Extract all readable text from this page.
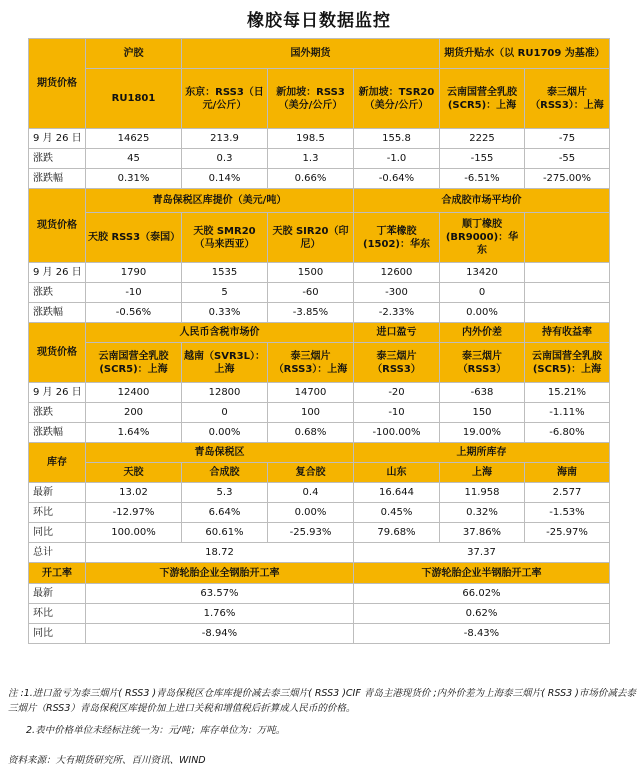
橡胶每日数据监控
期货价格	沪胶	国外期货			期货升贴水（以 RU1709 为基准）	
	RU1801	东京：RSS3（日元/公斤）	新加坡：RSS3（美分/公斤）	新加坡：TSR20（美分/公斤）	云南国营全乳胶(SCR5)：上海	泰三烟片（RSS3）：上海
9 月 26 日	14625	213.9	198.5	155.8	2225	-75
涨跌	45	0.3	1.3	-1.0	-155	-55
涨跌幅	0.31%	0.14%	0.66%	-0.64%	-6.51%	-275.00%
现货价格	青岛保税区库提价（美元/吨）			合成胶市场平均价		
	天胶 RSS3（泰国）	天胶 SMR20（马来西亚）	天胶 SIR20（印尼）	丁苯橡胶(1502)：华东	顺丁橡胶(BR9000)：华东	
9 月 26 日	1790	1535	1500	12600	13420	
涨跌	-10	5	-60	-300	0	
涨跌幅	-0.56%	0.33%	-3.85%	-2.33%	0.00%	
现货价格	人民币含税市场价			进口盈亏	内外价差	持有收益率
	云南国营全乳胶(SCR5)：上海	越南（SVR3L）：上海	泰三烟片（RSS3）：上海	泰三烟片（RSS3）	泰三烟片（RSS3）	云南国营全乳胶(SCR5)：上海
9 月 26 日	12400	12800	14700	-20	-638	15.21%
涨跌	200	0	100	-10	150	-1.11%
涨跌幅	1.64%	0.00%	0.68%	-100.00%	19.00%	-6.80%
库存	青岛保税区			上期所库存		
	天胶	合成胶	复合胶	山东	上海	海南
最新	13.02	5.3	0.4	16.644	11.958	2.577
环比	-12.97%	6.64%	0.00%	0.45%	0.32%	-1.53%
同比	100.00%	60.61%	-25.93%	79.68%	37.86%	-25.97%
总计	18.72			37.37		
开工率	下游轮胎企业全钢胎开工率			下游轮胎企业半钢胎开工率		
最新	63.57%			66.02%		
环比	1.76%			0.62%		
同比	-8.94%			-8.43%		

注 :1.进口盈亏为泰三烟片( RSS3 )青岛保税区仓库库提价减去泰三烟片( RSS3 )CIF 青岛主港现货价 ;内外价差为上海泰三烟片( RSS3 )市场价减去泰三烟片（RSS3）青岛保税区库提价加上进口关税和增值税后折算成人民币的价格。

2.表中价格单位未经标注统一为：元/吨；库存单位为：万吨。

资料来源：大有期货研究所、百川资讯、WIND
